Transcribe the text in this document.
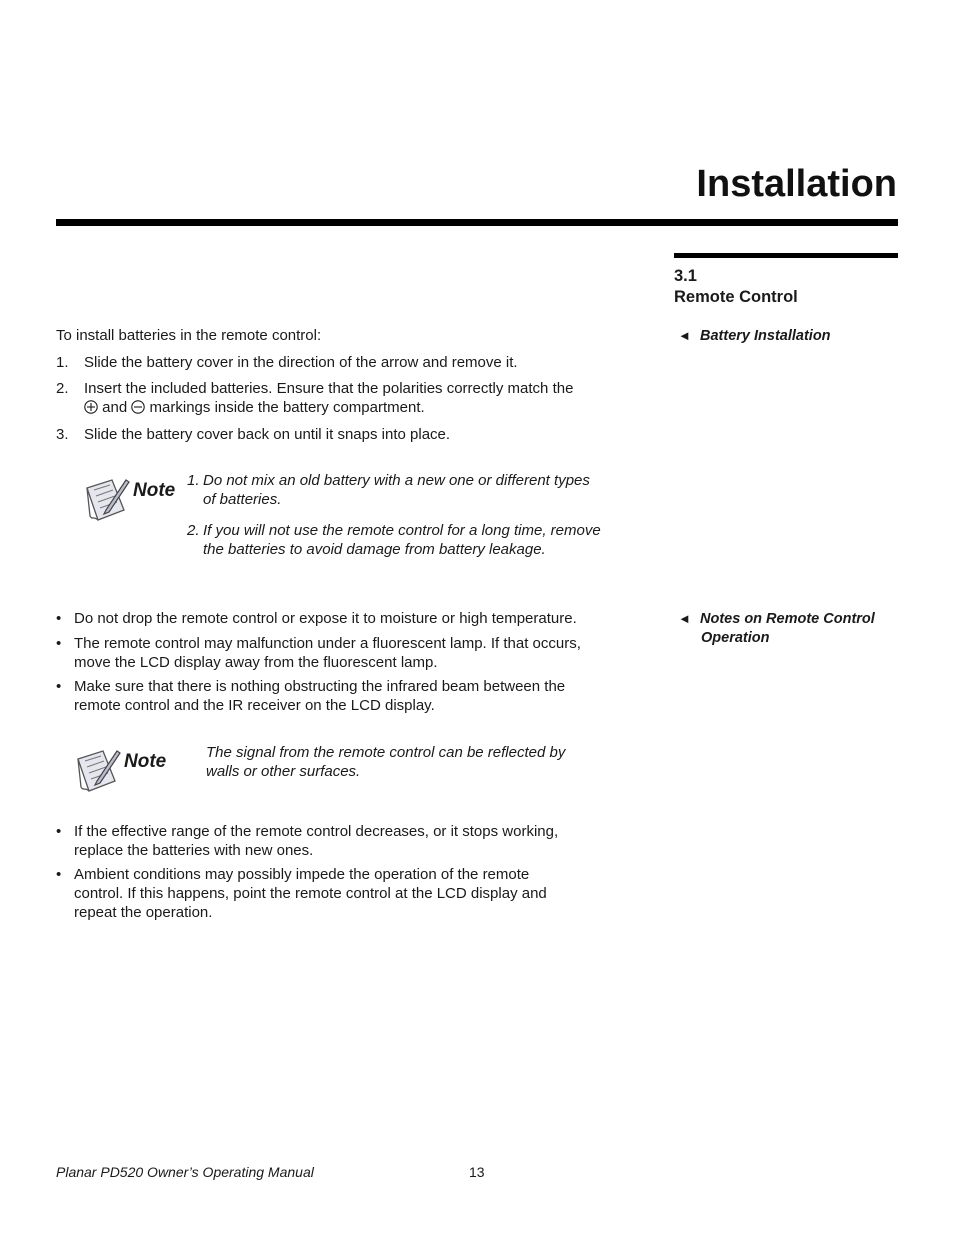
Installation
3.1
Remote Control
◄ Battery Installation
To install batteries in the remote control:
1. Slide the battery cover in the direction of the arrow and remove it.
2. Insert the included batteries. Ensure that the polarities correctly match the
and markings inside the battery compartment.
3. Slide the battery cover back on until it snaps into place.
Note 1. Do not mix an old battery with a new one or different types
of batteries.
2. If you will not use the remote control for a long time, remove
the batteries to avoid damage from battery leakage.
◄ Notes on Remote Control
Operation
• Do not drop the remote control or expose it to moisture or high temperature.
• The remote control may malfunction under a fluorescent lamp. If that occurs,
move the LCD display away from the fluorescent lamp.
• Make sure that there is nothing obstructing the infrared beam between the
remote control and the IR receiver on the LCD display.
Note	The signal from the remote control can be reflected by
walls or other surfaces.
• If the effective range of the remote control decreases, or it stops working,
replace the batteries with new ones.
• Ambient conditions may possibly impede the operation of the remote
control. If this happens, point the remote control at the LCD display and
repeat the operation.
Planar PD520 Owner’s Operating Manual	13
